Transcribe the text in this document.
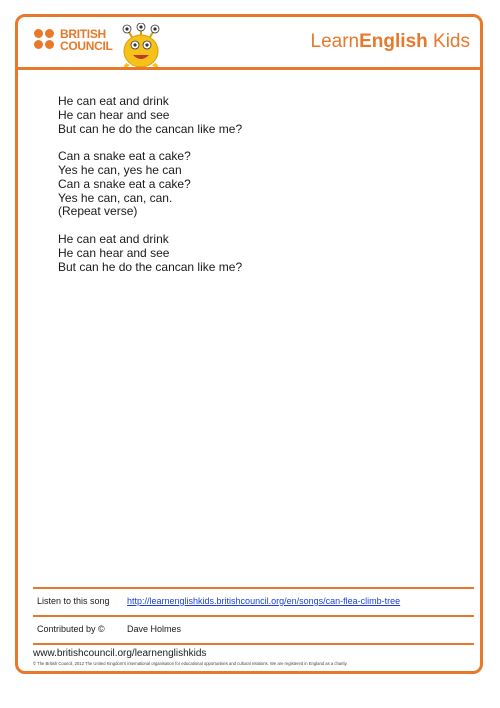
BRITISH
COUNCIL	LearnEnglish Kids
He can eat and drink
He can hear and see
But can he do the cancan like me?
Can a snake eat a cake?
Yes he can, yes he can
Can a snake eat a cake?
Yes he can, can, can.
(Repeat verse)
He can eat and drink
He can hear and see
But can he do the cancan like me?
Listen to this song http://learnenglishkids.britishcouncil.org/en/songs/can-flea-climb-tree
Contributed by © Dave Holmes
www.britishcouncil.org/learnenglishkids
© The British Council, 2012 The United Kingdom's international organisation for educational opportunities and cultural relations. We are registered in England as a charity.
